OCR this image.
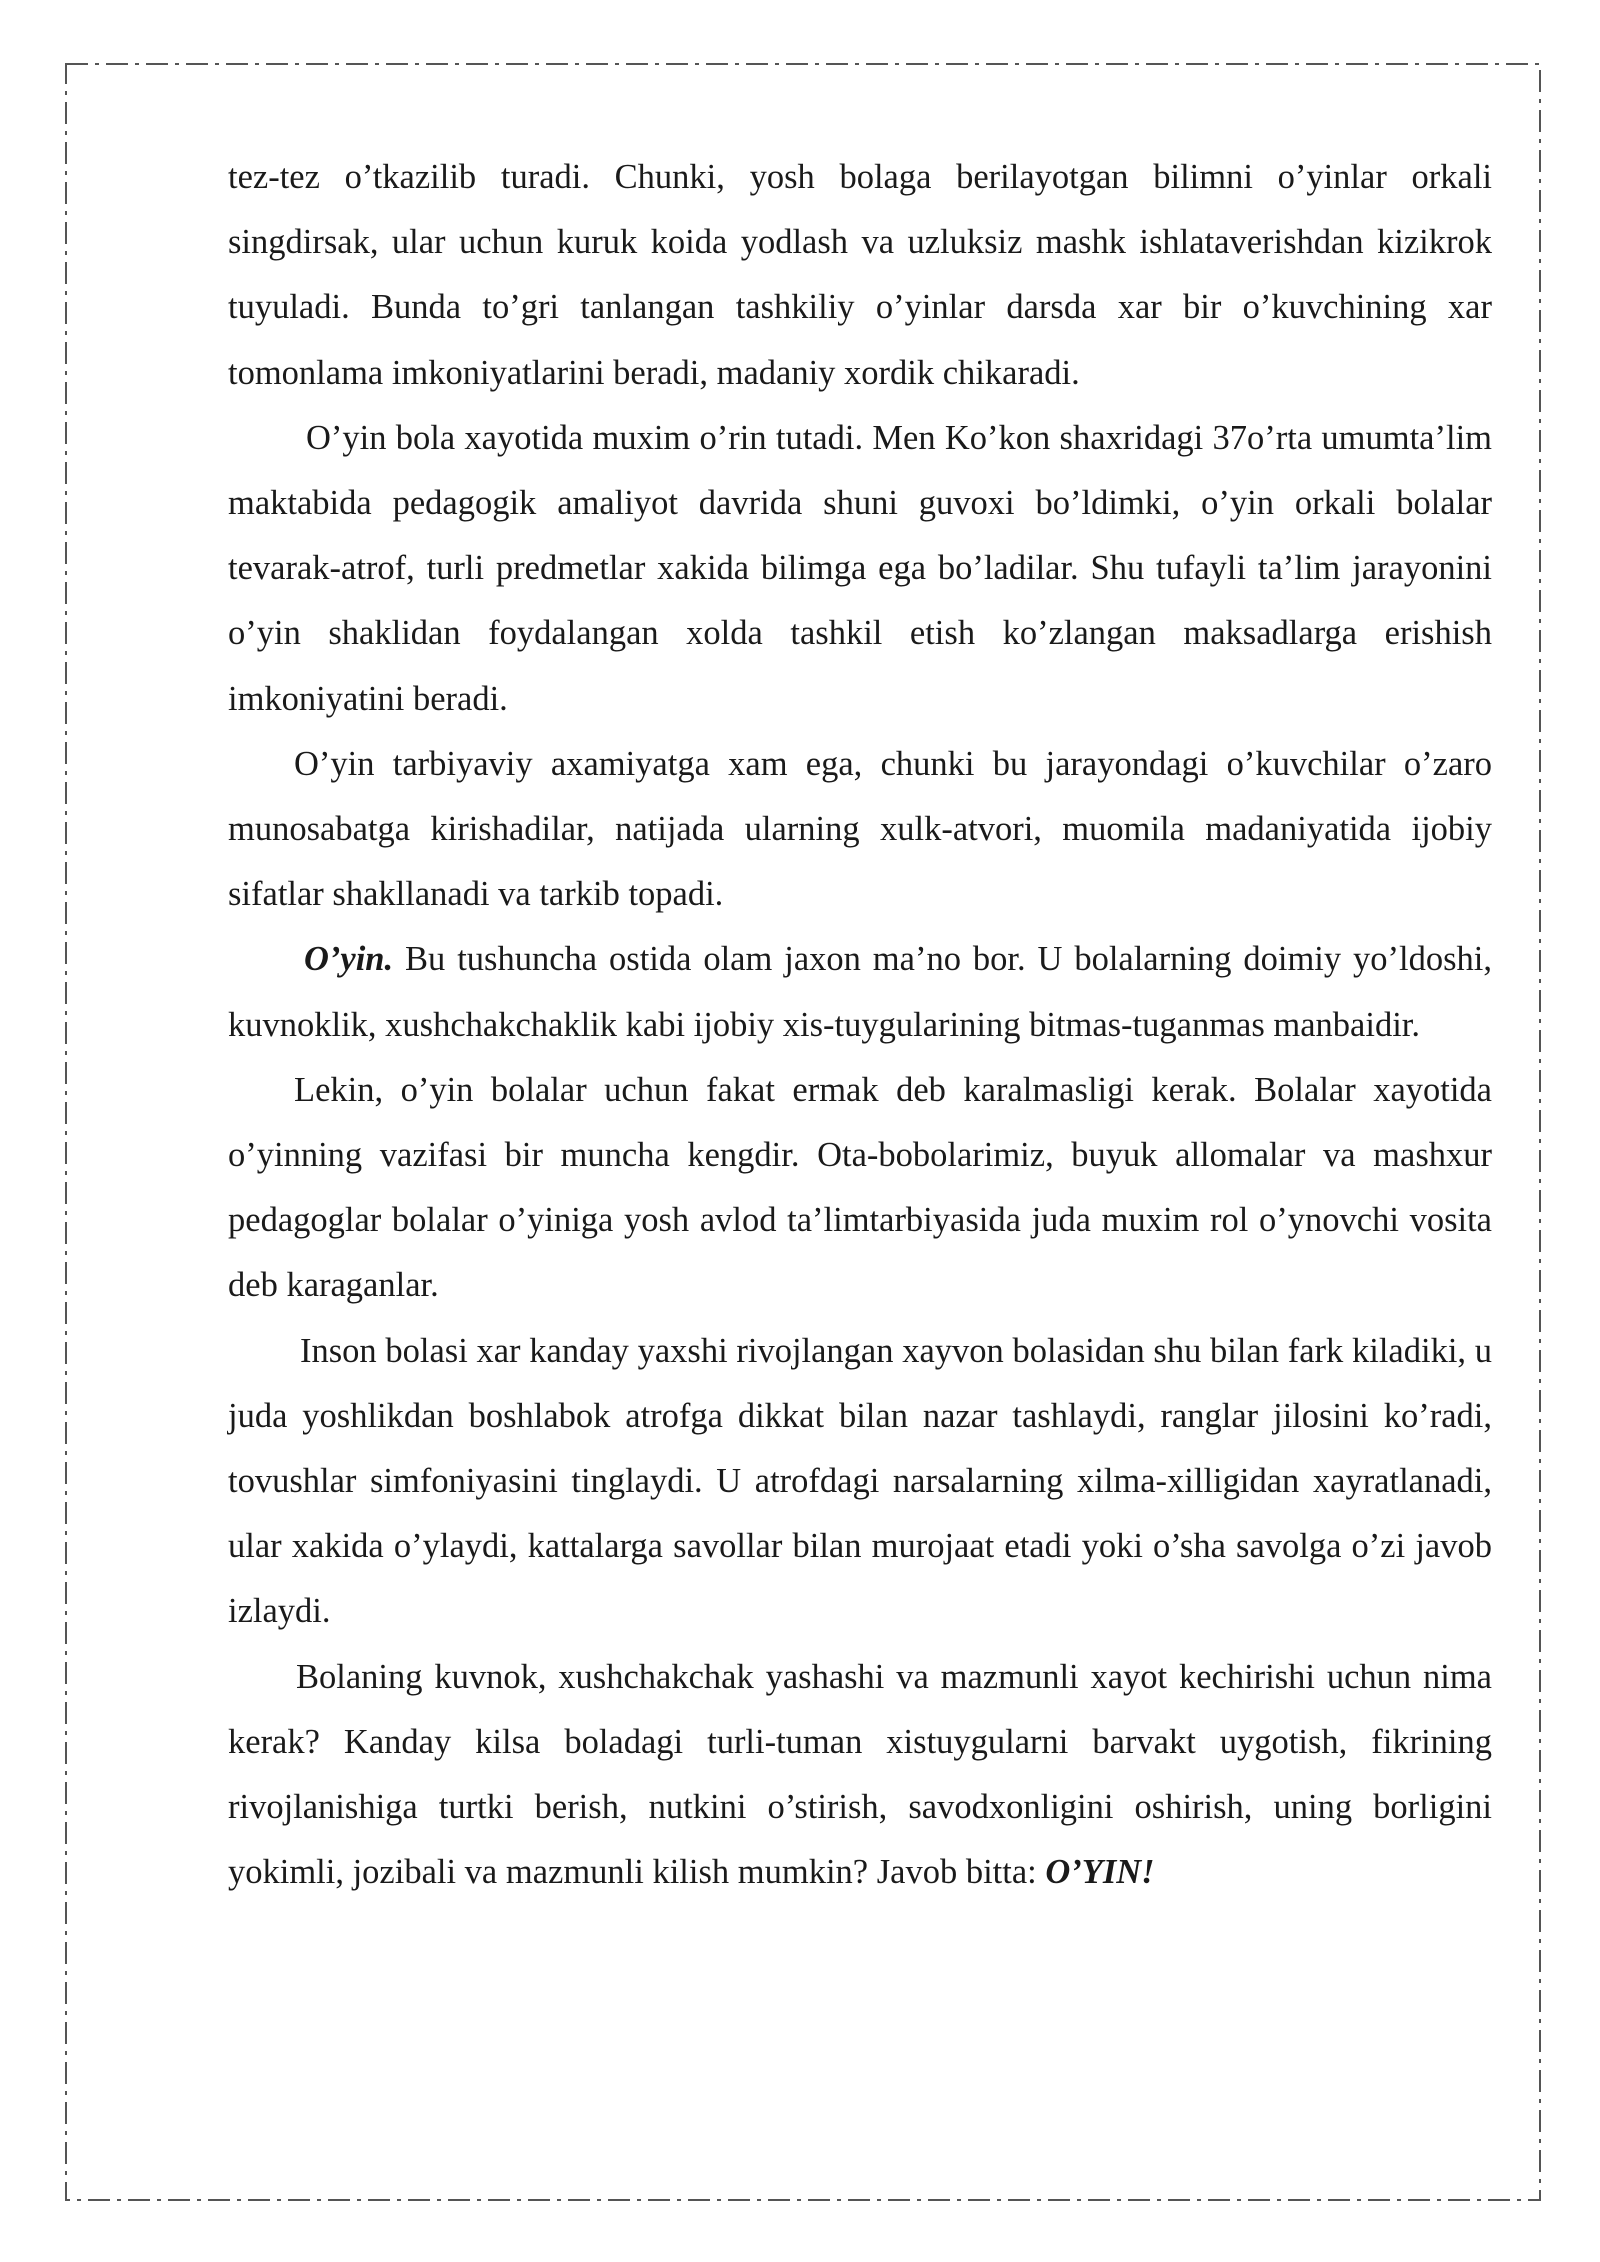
tez-tez o’tkazilib turadi. Chunki, yosh bolaga berilayotgan bilimni o’yinlar orkali singdirsak, ular uchun kuruk koida yodlash va uzluksiz mashk ishlataverishdan kizikrok tuyuladi. Bunda to’gri tanlangan tashkiliy o’yinlar darsda xar bir o’kuvchining xar tomonlama imkoniyatlarini beradi, madaniy xordik chikaradi.

O’yin bola xayotida muxim o’rin tutadi. Men Ko’kon shaxridagi 37o’rta umumta’lim maktabida pedagogik amaliyot davrida shuni guvoxi bo’ldimki, o’yin orkali bolalar tevarak-atrof, turli predmetlar xakida bilimga ega bo’ladilar. Shu tufayli ta’lim jarayonini o’yin shaklidan foydalangan xolda tashkil etish ko’zlangan maksadlarga erishish imkoniyatini beradi.

O’yin tarbiyaviy axamiyatga xam ega, chunki bu jarayondagi o’kuvchilar o’zaro munosabatga kirishadilar, natijada ularning xulk-atvori, muomila madaniyatida ijobiy sifatlar shakllanadi va tarkib topadi.

O’yin. Bu tushuncha ostida olam jaxon ma’no bor. U bolalarning doimiy yo’ldoshi, kuvnoklik, xushchakchaklik kabi ijobiy xis-tuygularining bitmas-tuganmas manbaidir.

Lekin, o’yin bolalar uchun fakat ermak deb karalmasligi kerak. Bolalar xayotida o’yinning vazifasi bir muncha kengdir. Ota-bobolarimiz, buyuk allomalar va mashxur pedagoglar bolalar o’yiniga yosh avlod ta’limtarbiyasida juda muxim rol o’ynovchi vosita deb karaganlar.

Inson bolasi xar kanday yaxshi rivojlangan xayvon bolasidan shu bilan fark kiladiki, u juda yoshlikdan boshlabok atrofga dikkat bilan nazar tashlaydi, ranglar jilosini ko’radi, tovushlar simfoniyasini tinglaydi. U atrofdagi narsalarning xilma-xilligidan xayratlanadi, ular xakida o’ylaydi, kattalarga savollar bilan murojaat etadi yoki o’sha savolga o’zi javob izlaydi.

Bolaning kuvnok, xushchakchak yashashi va mazmunli xayot kechirishi uchun nima kerak? Kanday kilsa boladagi turli-tuman xistuygularni barvakt uygotish, fikrining rivojlanishiga turtki berish, nutkini o’stirish, savodxonligini oshirish, uning borligini yokimli, jozibali va mazmunli kilish mumkin? Javob bitta: O’YIN!
